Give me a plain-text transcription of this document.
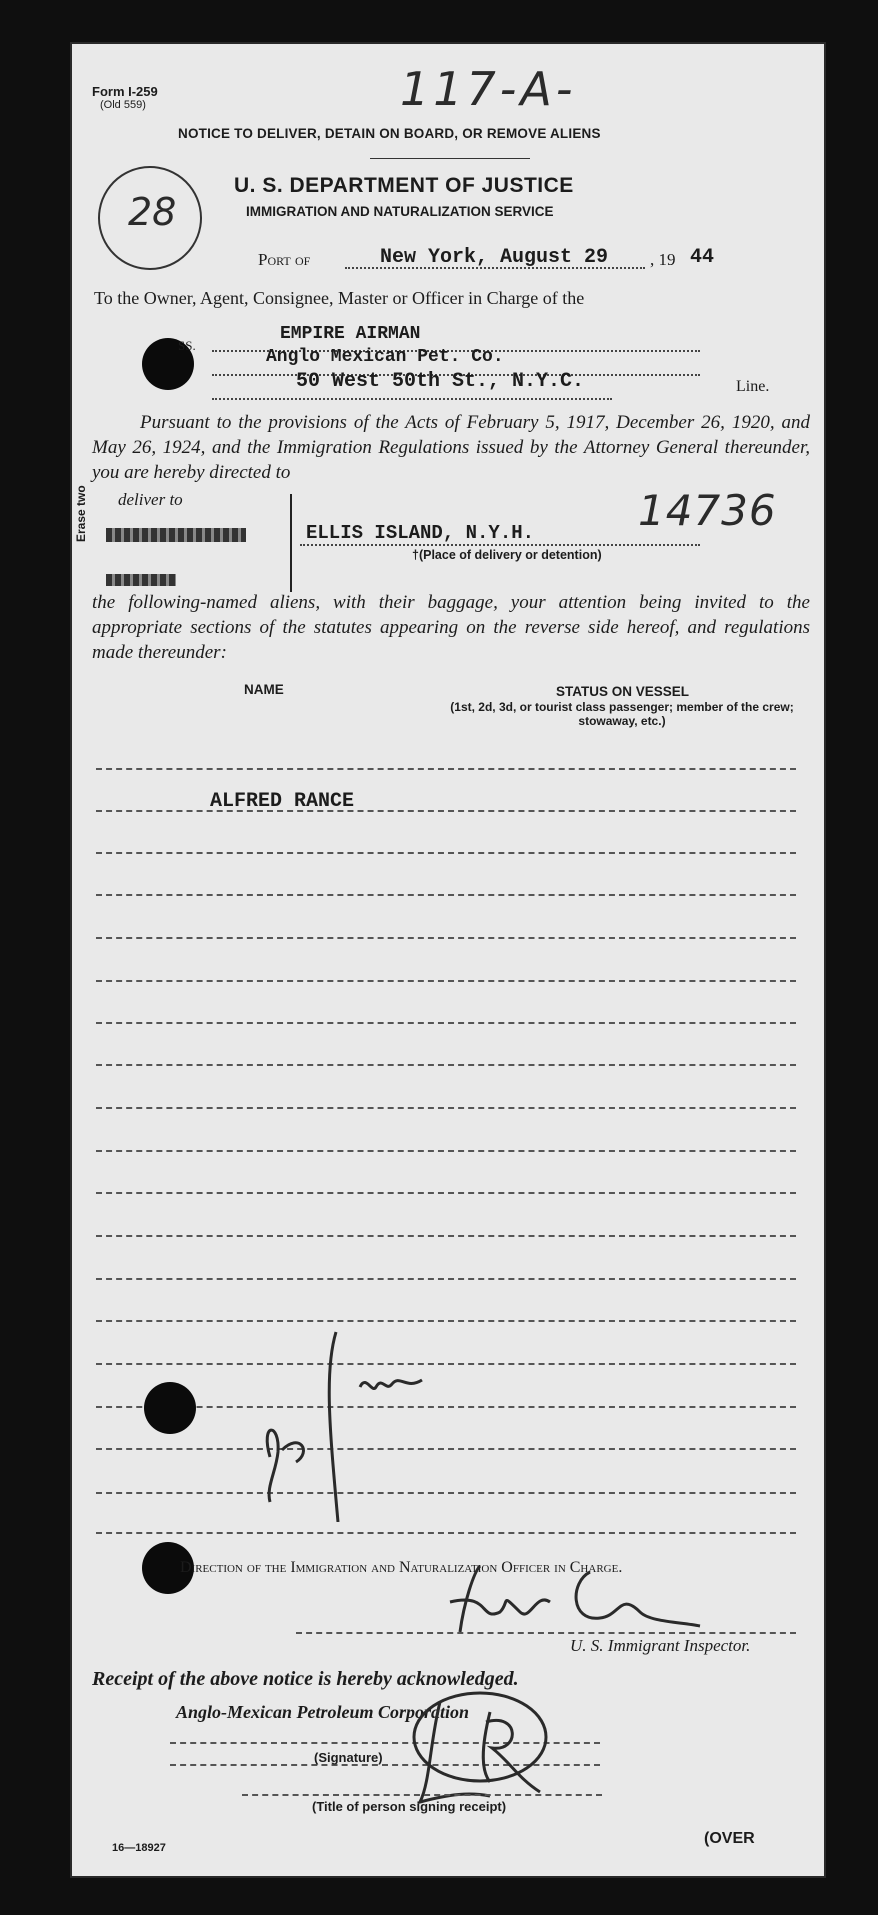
Form I-259
(Old 559)	117-A-
NOTICE TO DELIVER, DETAIN ON BOARD, OR REMOVE ALIENS
28
U. S. DEPARTMENT OF JUSTICE
IMMIGRATION AND NATURALIZATION SERVICE
Port of	New York, August 29 , 19 44
To the Owner, Agent, Consignee, Master or Officer in Charge of the
SS.
EMPIRE AIRMAN
Anglo Mexican Pet. Co.
50 West 50th St., N.Y.C.	Line.
Pursuant to the provisions of the Acts of February 5, 1917, December 26, 1920, and May 26, 1924, and the Immigration Regulations issued by the Attorney General thereunder, you are hereby directed to
deliver to
Erase two	ELLIS ISLAND, N.Y.H.
†(Place of delivery or detention)
14736
the following-named aliens, with their baggage, your attention being invited to the appropriate sections of the statutes appearing on the reverse side hereof, and regulations made thereunder:
NAME	STATUS ON VESSEL
(1st, 2d, 3d, or tourist class passenger; member of the crew; stowaway, etc.)
ALFRED RANCE
Direction of the Immigration and Naturalization Officer in Charge.
U. S. Immigrant Inspector.
Receipt of the above notice is hereby acknowledged.
Anglo-Mexican Petroleum Corporation
(Signature)
(Title of person signing receipt)
16—18927
(OVER
